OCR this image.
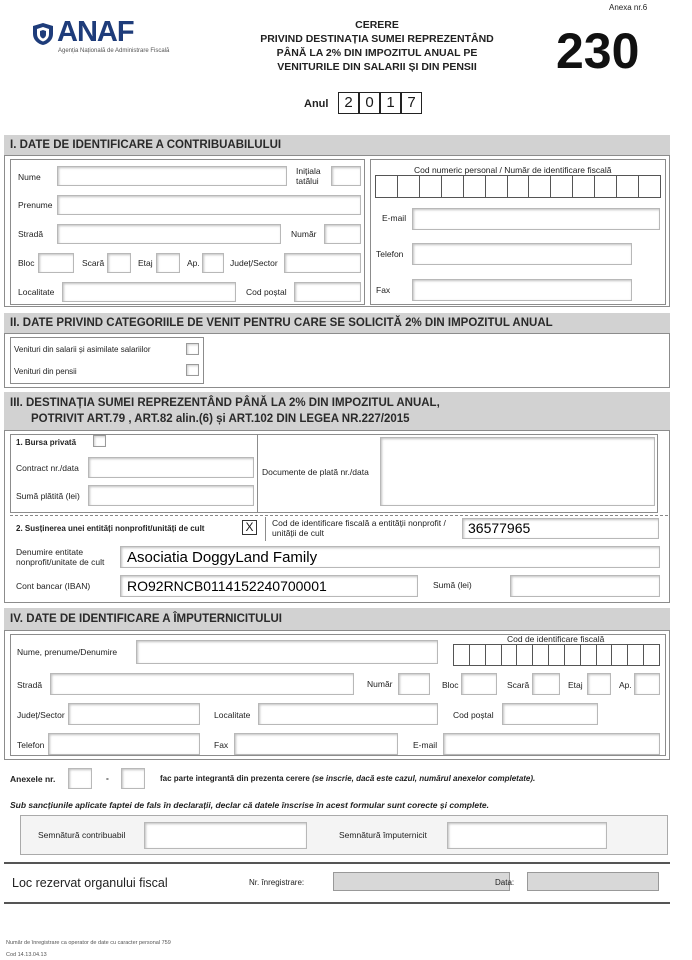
ANAF
Agenția Națională de Administrare Fiscală
CERERE
PRIVIND DESTINAȚIA SUMEI REPREZENTÂND
PÂNĂ LA 2% DIN IMPOZITUL ANUAL PE
VENITURILE DIN SALARII ȘI DIN PENSII
Anexa nr.6
230
Anul	2 0 1 7
I. DATE DE IDENTIFICARE A CONTRIBUABILULUI
Nume
Inițiala
tatălui
Prenume
Stradă	Număr
Bloc	Scară	Etaj	Ap.	Județ/Sector
Localitate	Cod poștal
Cod numeric personal / Număr de identificare fiscală
E-mail
Telefon
Fax
II. DATE PRIVIND CATEGORIILE DE VENIT PENTRU CARE SE SOLICITĂ 2% DIN IMPOZITUL ANUAL
Venituri din salarii și asimilate salariilor
Venituri din pensii
III. DESTINAȚIA SUMEI REPREZENTÂND PÂNĂ LA 2% DIN IMPOZITUL ANUAL,
POTRIVIT ART.79 , ART.82 alin.(6) și ART.102 DIN LEGEA NR.227/2015
1. Bursa privată
Contract nr./data
Sumă plătită (lei)
Documente de plată nr./data
2. Susținerea unei entități nonprofit/unități de cult	X	Cod de identificare fiscală a entității nonprofit /
unității de cult	36577965
Denumire entitate
nonprofit/unitate de cult Asociatia DoggyLand Family
Cont bancar (IBAN)	RO92RNCB0114152240700001	Sumă (lei)
IV. DATE DE IDENTIFICARE A ÎMPUTERNICITULUI
Nume, prenume/Denumire
Cod de identificare fiscală
Stradă	Număr	Bloc	Scară	Etaj	Ap.
Județ/Sector	Localitate	Cod poștal
Telefon	Fax	E-mail
Anexele nr.	-	fac parte integrantă din prezenta cerere (se inscrie, dacă este cazul, numărul anexelor completate).
Sub sancțiunile aplicate faptei de fals în declarații, declar că datele înscrise în acest formular sunt corecte și complete.
Semnătură contribuabil	Semnătură împuternicit
Loc rezervat organului fiscal	Nr. înregistrare:	Data:
Număr de înregistrare ca operator de date cu caracter personal 759
Cod 14.13.04.13
